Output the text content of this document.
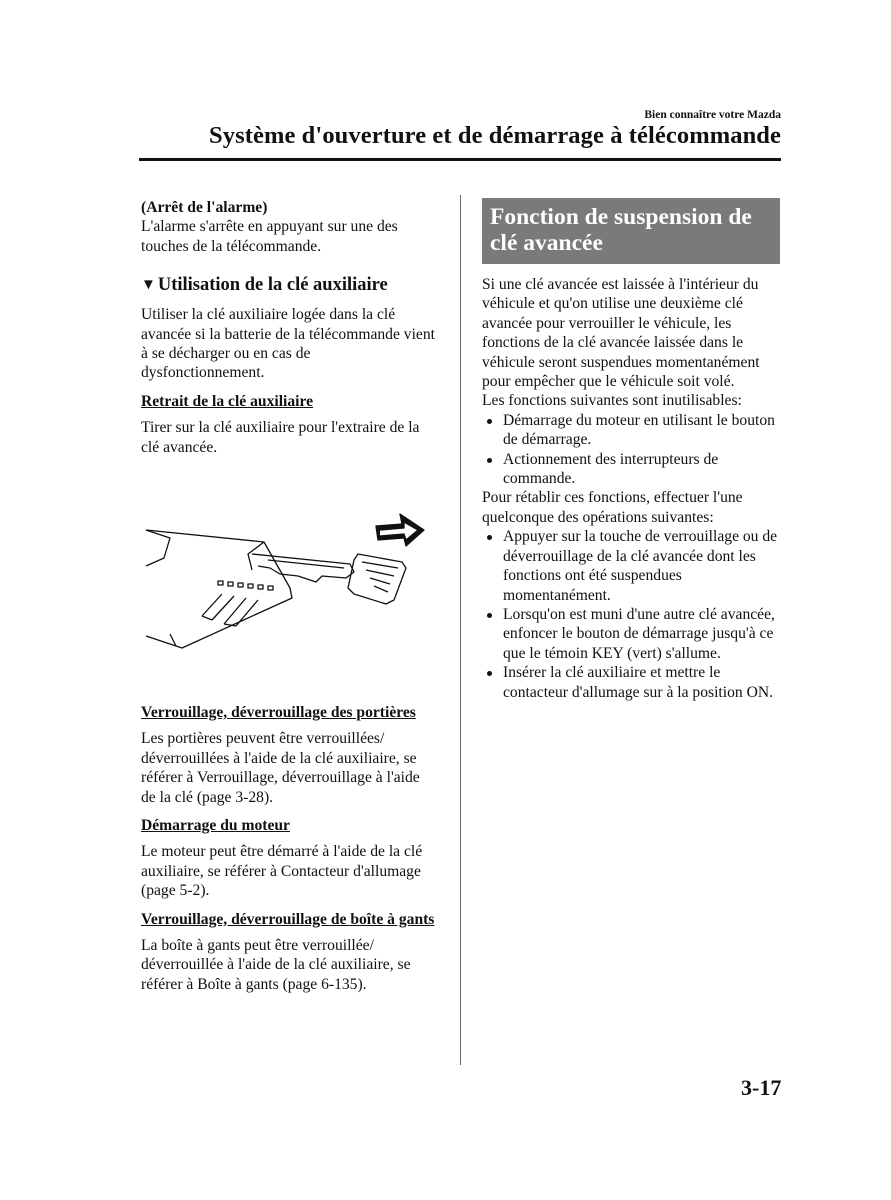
Bien connaître votre Mazda
Système d'ouverture et de démarrage à télécommande
(Arrêt de l'alarme)
L'alarme s'arrête en appuyant sur une des touches de la télécommande.
▼ Utilisation de la clé auxiliaire
Utiliser la clé auxiliaire logée dans la clé avancée si la batterie de la télécommande vient à se décharger ou en cas de dysfonctionnement.
Retrait de la clé auxiliaire
Tirer sur la clé auxiliaire pour l'extraire de la clé avancée.
Verrouillage, déverrouillage des portières
Les portières peuvent être verrouillées/ déverrouillées à l'aide de la clé auxiliaire, se référer à Verrouillage, déverrouillage à l'aide de la clé (page 3-28).
Démarrage du moteur
Le moteur peut être démarré à l'aide de la clé auxiliaire, se référer à Contacteur d'allumage (page 5-2).
Verrouillage, déverrouillage de boîte à gants
La boîte à gants peut être verrouillée/ déverrouillée à l'aide de la clé auxiliaire, se référer à Boîte à gants (page 6-135).
Fonction de suspension de clé avancée
Si une clé avancée est laissée à l'intérieur du véhicule et qu'on utilise une deuxième clé avancée pour verrouiller le véhicule, les fonctions de la clé avancée laissée dans le véhicule seront suspendues momentanément pour empêcher que le véhicule soit volé.
Les fonctions suivantes sont inutilisables:
Démarrage du moteur en utilisant le bouton de démarrage.
Actionnement des interrupteurs de commande.
Pour rétablir ces fonctions, effectuer l'une quelconque des opérations suivantes:
Appuyer sur la touche de verrouillage ou de déverrouillage de la clé avancée dont les fonctions ont été suspendues momentanément.
Lorsqu'on est muni d'une autre clé avancée, enfoncer le bouton de démarrage jusqu'à ce que le témoin KEY (vert) s'allume.
Insérer la clé auxiliaire et mettre le contacteur d'allumage sur à la position ON.
3-17
